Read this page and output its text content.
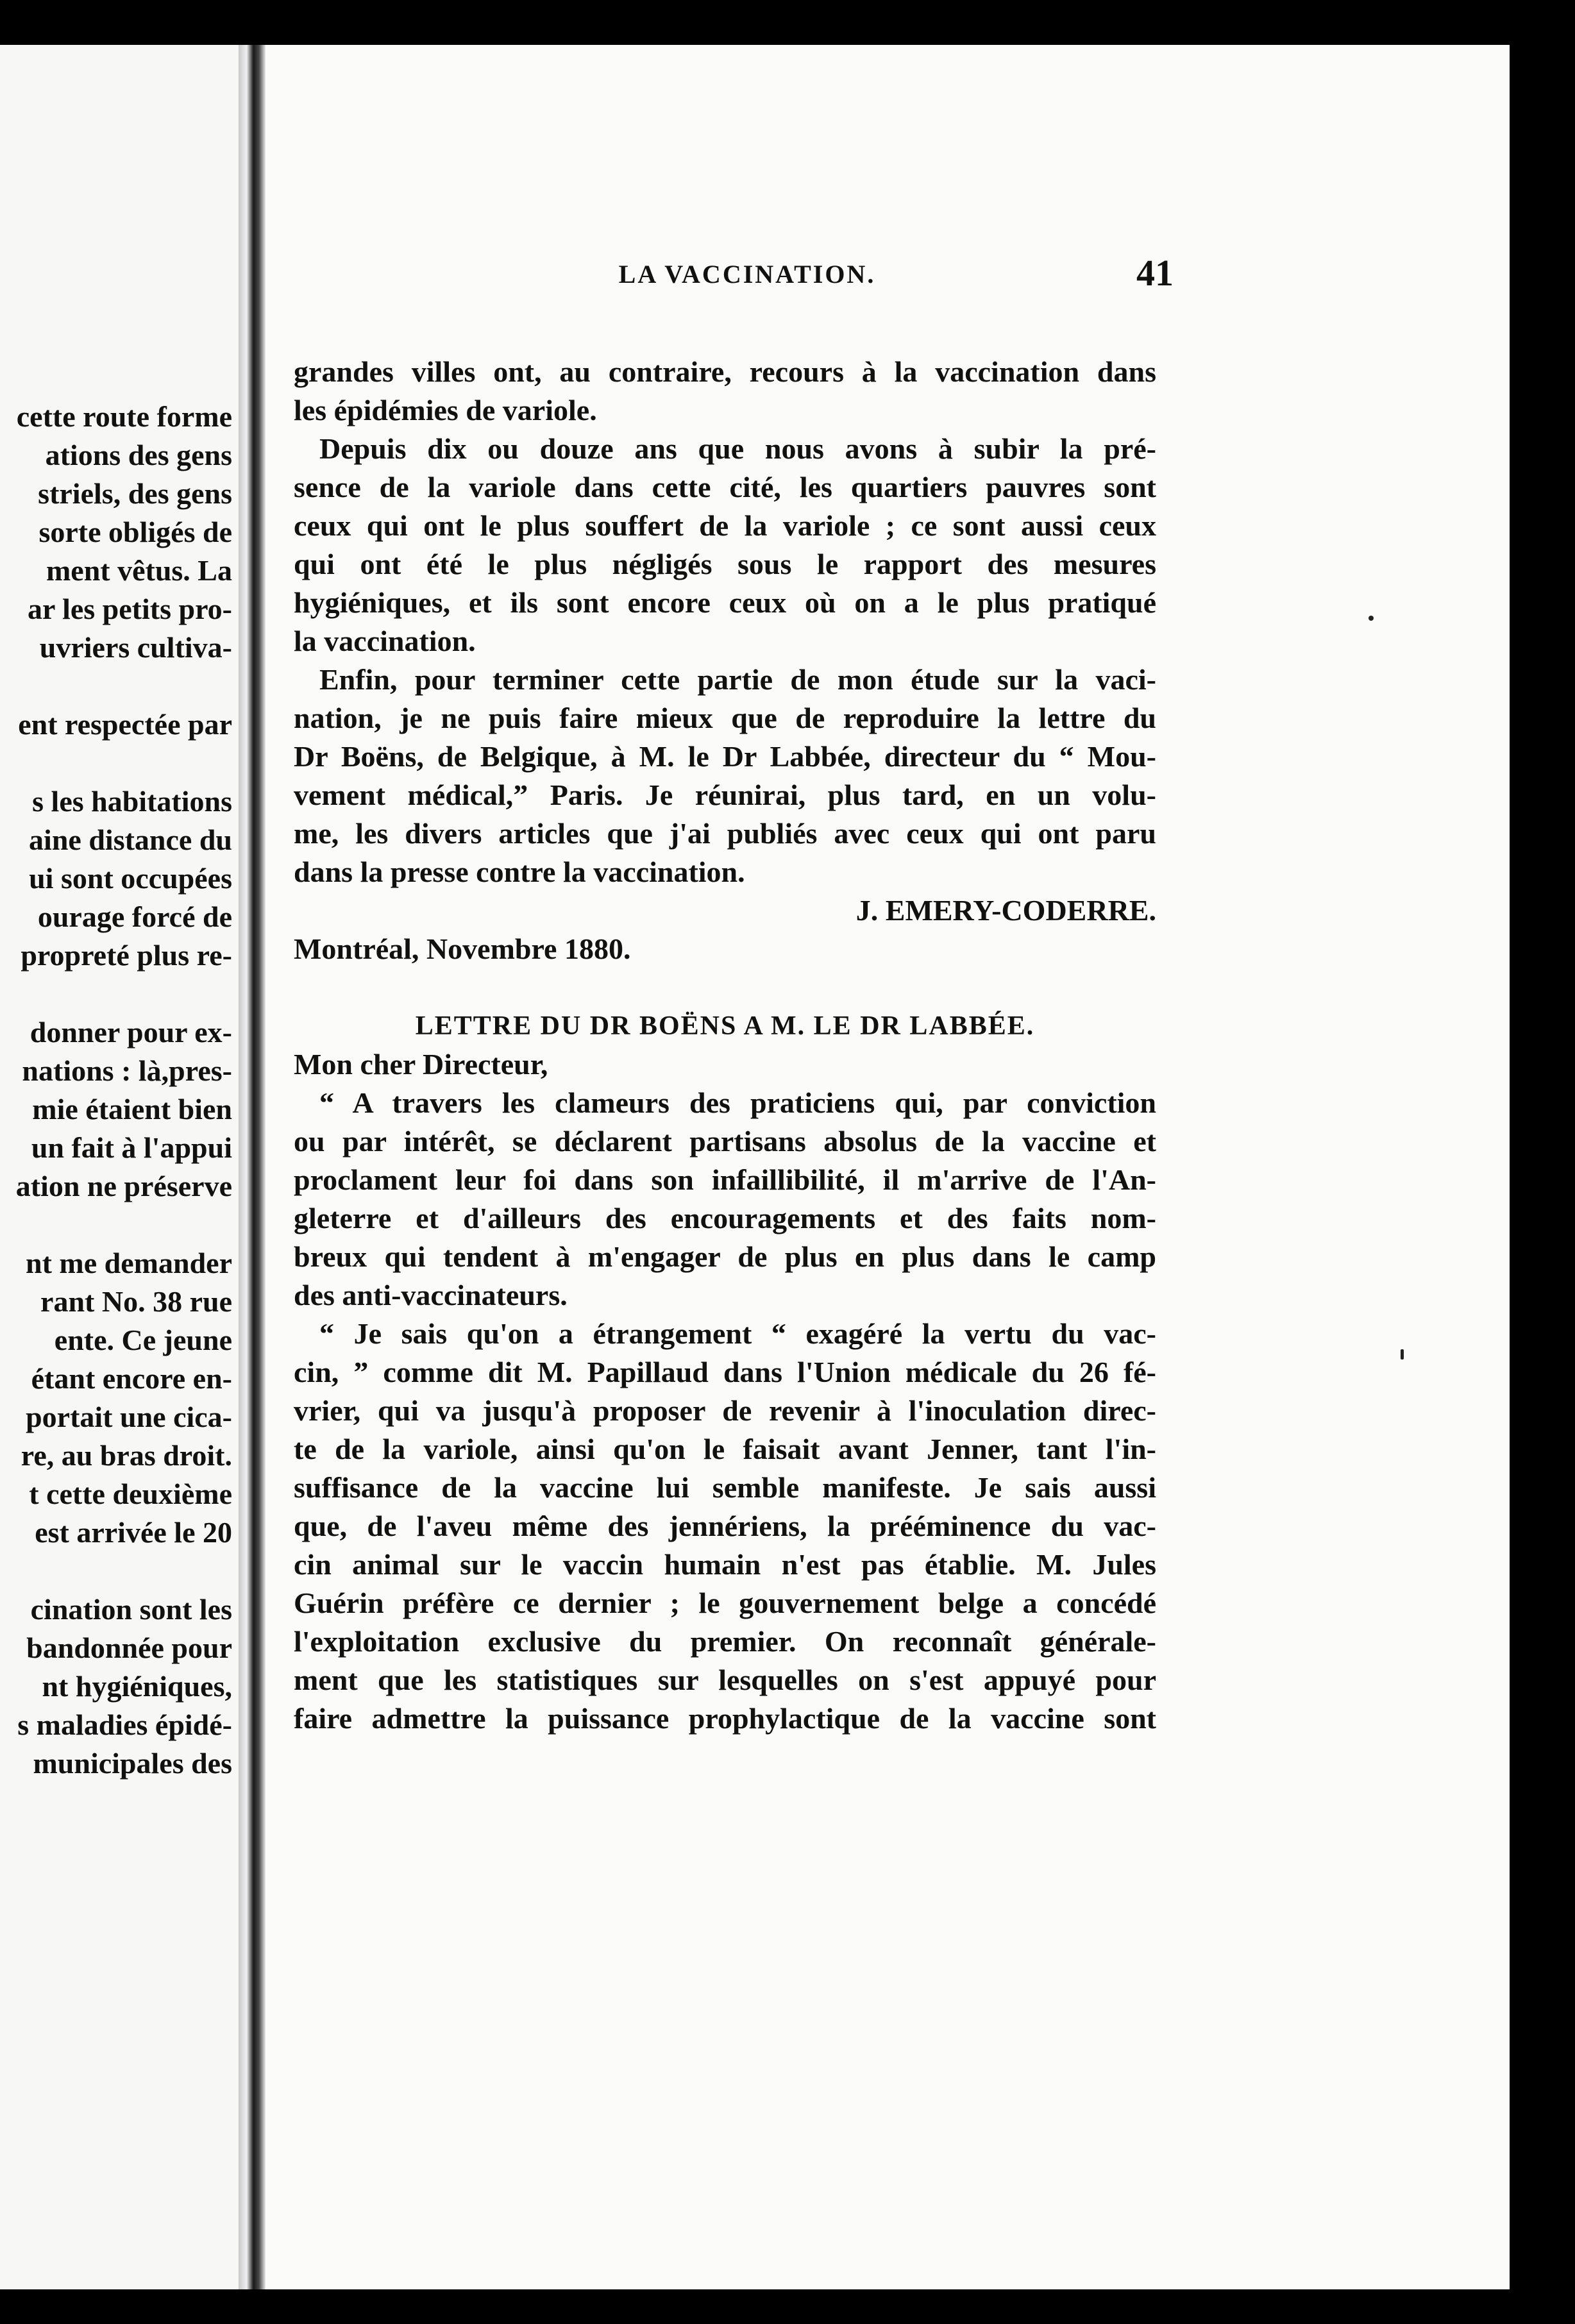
cette route forme
ations des gens
striels, des gens
sorte obligés de
ment vêtus. La
ar les petits pro-
uvriers cultiva-
ent respectée par
s les habitations
aine distance du
ui sont occupées
ourage forcé de
propreté plus re-
donner pour ex-
nations : là,pres-
mie étaient bien
un fait à l'appui
ation ne préserve
nt me demander
rant No. 38 rue
ente. Ce jeune
étant encore en-
portait une cica-
re, au bras droit.
t cette deuxième
est arrivée le 20
cination sont les
bandonnée pour
nt hygiéniques,
s maladies épidé-
municipales des
LA VACCINATION.	41
grandes villes ont, au contraire, recours à la vaccination dans
les épidémies de variole.
Depuis dix ou douze ans que nous avons à subir la pré-
sence de la variole dans cette cité, les quartiers pauvres sont
ceux qui ont le plus souffert de la variole ; ce sont aussi ceux
qui ont été le plus négligés sous le rapport des mesures
hygiéniques, et ils sont encore ceux où on a le plus pratiqué
la vaccination.
Enfin, pour terminer cette partie de mon étude sur la vaci-
nation, je ne puis faire mieux que de reproduire la lettre du
Dr Boëns, de Belgique, à M. le Dr Labbée, directeur du “ Mou-
vement médical,” Paris. Je réunirai, plus tard, en un volu-
me, les divers articles que j'ai publiés avec ceux qui ont paru
dans la presse contre la vaccination.
J. EMERY-CODERRE.
Montréal, Novembre 1880.
LETTRE DU DR BOËNS A M. LE DR LABBÉE.
Mon cher Directeur,
“ A travers les clameurs des praticiens qui, par conviction
ou par intérêt, se déclarent partisans absolus de la vaccine et
proclament leur foi dans son infaillibilité, il m'arrive de l'An-
gleterre et d'ailleurs des encouragements et des faits nom-
breux qui tendent à m'engager de plus en plus dans le camp
des anti-vaccinateurs.
“ Je sais qu'on a étrangement “ exagéré la vertu du vac-
cin, ” comme dit M. Papillaud dans l'Union médicale du 26 fé-
vrier, qui va jusqu'à proposer de revenir à l'inoculation direc-
te de la variole, ainsi qu'on le faisait avant Jenner, tant l'in-
suffisance de la vaccine lui semble manifeste. Je sais aussi
que, de l'aveu même des jennériens, la prééminence du vac-
cin animal sur le vaccin humain n'est pas établie. M. Jules
Guérin préfère ce dernier ; le gouvernement belge a concédé
l'exploitation exclusive du premier. On reconnaît générale-
ment que les statistiques sur lesquelles on s'est appuyé pour
faire admettre la puissance prophylactique de la vaccine sont
